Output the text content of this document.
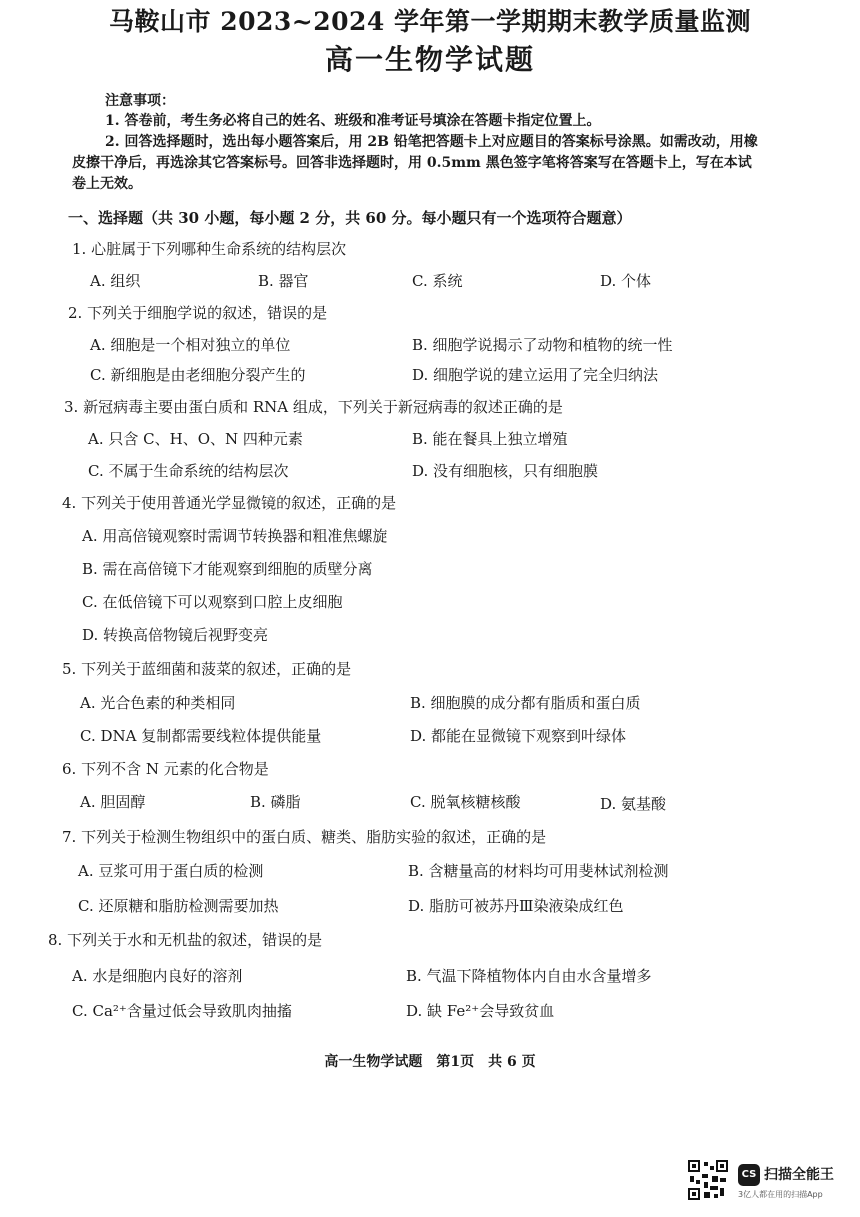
马鞍山市 2023~2024 学年第一学期期末教学质量监测
高一生物学试题
注意事项：
1. 答卷前，考生务必将自己的姓名、班级和准考证号填涂在答题卡指定位置上。
2. 回答选择题时，选出每小题答案后，用 2B 铅笔把答题卡上对应题目的答案标号涂黑。如需改动，用橡皮擦干净后，再选涂其它答案标号。回答非选择题时，用 0.5mm 黑色签字笔将答案写在答题卡上，写在本试卷上无效。
一、选择题（共 30 小题，每小题 2 分，共 60 分。每小题只有一个选项符合题意）
1. 心脏属于下列哪种生命系统的结构层次
A. 组织	B. 器官	C. 系统	D. 个体
2. 下列关于细胞学说的叙述，错误的是
A. 细胞是一个相对独立的单位	B. 细胞学说揭示了动物和植物的统一性
C. 新细胞是由老细胞分裂产生的	D. 细胞学说的建立运用了完全归纳法
3. 新冠病毒主要由蛋白质和 RNA 组成，下列关于新冠病毒的叙述正确的是
A. 只含 C、H、O、N 四种元素	B. 能在餐具上独立增殖
C. 不属于生命系统的结构层次	D. 没有细胞核，只有细胞膜
4. 下列关于使用普通光学显微镜的叙述，正确的是
A. 用高倍镜观察时需调节转换器和粗准焦螺旋
B. 需在高倍镜下才能观察到细胞的质壁分离
C. 在低倍镜下可以观察到口腔上皮细胞
D. 转换高倍物镜后视野变亮
5. 下列关于蓝细菌和菠菜的叙述，正确的是
A. 光合色素的种类相同	B. 细胞膜的成分都有脂质和蛋白质
C. DNA 复制都需要线粒体提供能量	D. 都能在显微镜下观察到叶绿体
6. 下列不含 N 元素的化合物是
A. 胆固醇	B. 磷脂	C. 脱氧核糖核酸	D. 氨基酸
7. 下列关于检测生物组织中的蛋白质、糖类、脂肪实验的叙述，正确的是
A. 豆浆可用于蛋白质的检测	B. 含糖量高的材料均可用斐林试剂检测
C. 还原糖和脂肪检测需要加热	D. 脂肪可被苏丹Ⅲ染液染成红色
8. 下列关于水和无机盐的叙述，错误的是
A. 水是细胞内良好的溶剂	B. 气温下降植物体内自由水含量增多
C. Ca²⁺含量过低会导致肌肉抽搐	D. 缺 Fe²⁺会导致贫血
高一生物学试题　第1页　共 6 页
CS 扫描全能王
3亿人都在用的扫描App
